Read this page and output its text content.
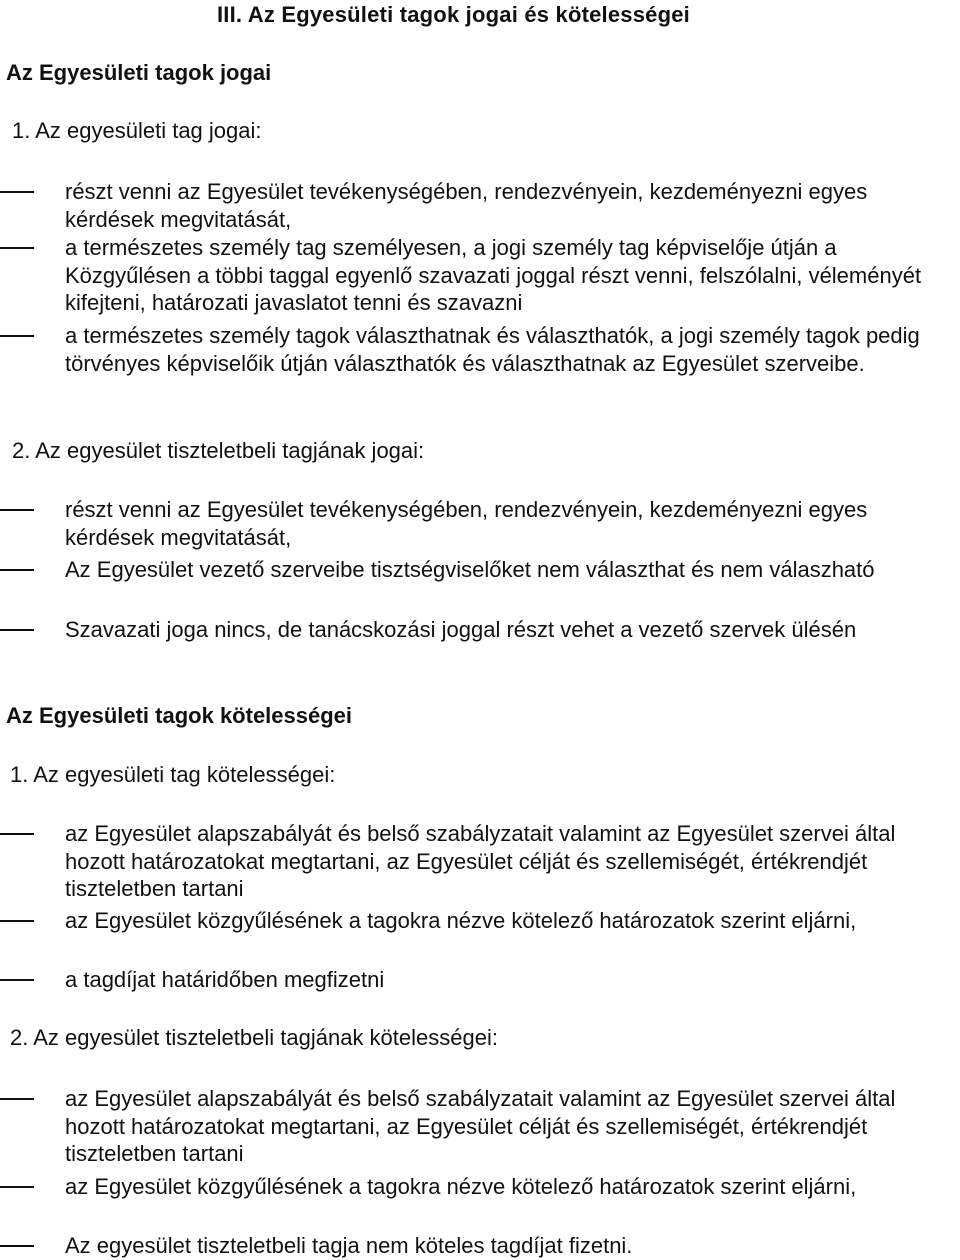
III. Az Egyesületi tagok jogai és kötelességei
Az Egyesületi tagok jogai
1. Az egyesületi tag jogai:
részt venni az Egyesület tevékenységében, rendezvényein, kezdeményezni egyes kérdések megvitatását,
a természetes személy tag személyesen, a jogi személy tag képviselője útján a Közgyűlésen a többi taggal egyenlő szavazati joggal részt venni, felszólalni, véleményét kifejteni, határozati javaslatot tenni és szavazni
a természetes személy tagok választhatnak és választhatók, a jogi személy tagok pedig törvényes képviselőik útján választhatók és választhatnak az Egyesület szerveibe.
2. Az egyesület tiszteletbeli tagjának jogai:
részt venni az Egyesület tevékenységében, rendezvényein, kezdeményezni egyes kérdések megvitatását,
Az Egyesület vezető szerveibe tisztségviselőket nem választhat és nem válaszható
Szavazati joga nincs, de tanácskozási joggal részt vehet a vezető szervek ülésén
Az Egyesületi tagok kötelességei
1. Az egyesületi tag kötelességei:
az Egyesület alapszabályát és belső szabályzatait valamint az Egyesület szervei által hozott határozatokat megtartani, az Egyesület célját és szellemiségét, értékrendjét tiszteletben tartani
az Egyesület közgyűlésének a tagokra nézve kötelező határozatok szerint eljárni,
a tagdíjat határidőben megfizetni
2. Az egyesület tiszteletbeli tagjának kötelességei:
az Egyesület alapszabályát és belső szabályzatait valamint az Egyesület szervei által hozott határozatokat megtartani, az Egyesület célját és szellemiségét, értékrendjét tiszteletben tartani
az Egyesület közgyűlésének a tagokra nézve kötelező határozatok szerint eljárni,
Az egyesület tiszteletbeli tagja nem köteles tagdíjat fizetni.
